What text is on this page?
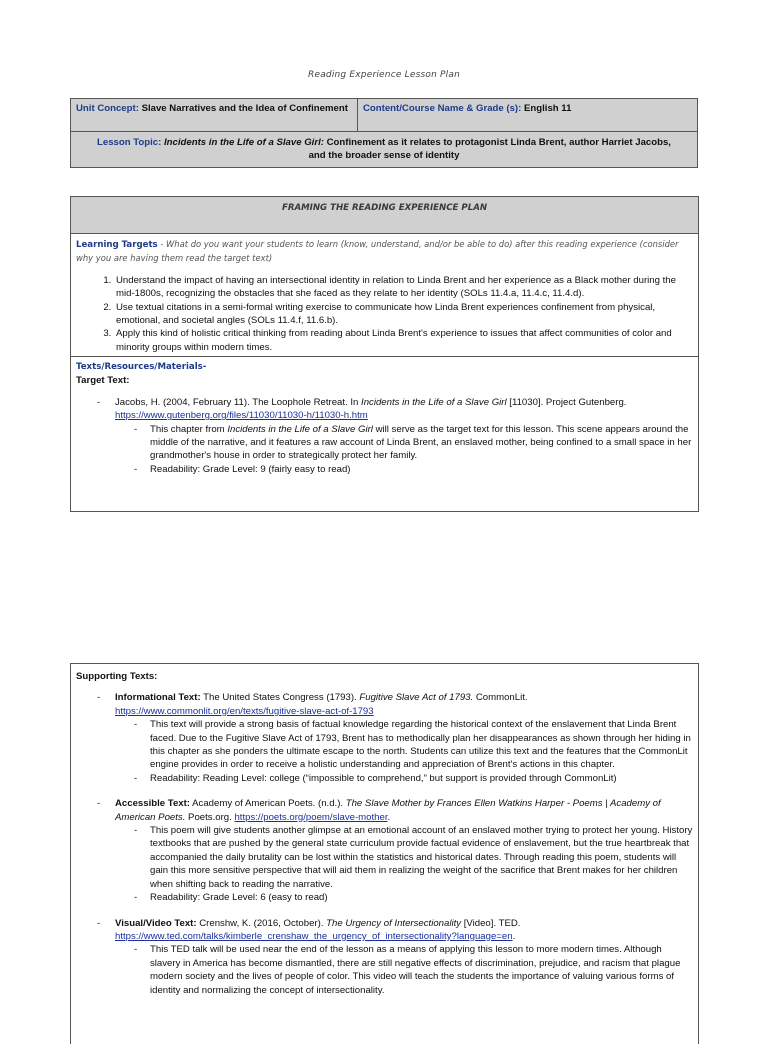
Reading Experience Lesson Plan
Unit Concept: Slave Narratives and the Idea of Confinement	Content/Course Name & Grade (s): English 11
Lesson Topic: Incidents in the Life of a Slave Girl: Confinement as it relates to protagonist Linda Brent, author Harriet Jacobs, and the broader sense of identity
FRAMING THE READING EXPERIENCE PLAN
Learning Targets - What do you want your students to learn (know, understand, and/or be able to do) after this reading experience (consider why you are having them read the target text)
1. Understand the impact of having an intersectional identity in relation to Linda Brent and her experience as a Black mother during the mid-1800s, recognizing the obstacles that she faced as they relate to her identity (SOLs 11.4.a, 11.4.c, 11.4.d).
2. Use textual citations in a semi-formal writing exercise to communicate how Linda Brent experiences confinement from physical, emotional, and societal angles (SOLs 11.4.f, 11.6.b).
3. Apply this kind of holistic critical thinking from reading about Linda Brent's experience to issues that affect communities of color and minority groups within modern times.
Texts/Resources/Materials-
Target Text:
- Jacobs, H. (2004, February 11). The Loophole Retreat. In Incidents in the Life of a Slave Girl [11030]. Project Gutenberg.
https://www.gutenberg.org/files/11030/11030-h/11030-h.htm
- This chapter from Incidents in the Life of a Slave Girl will serve as the target text for this lesson. This scene appears around the middle of the narrative, and it features a raw account of Linda Brent, an enslaved mother, being confined to a small space in her grandmother's house in order to strategically protect her family.
- Readability: Grade Level: 9 (fairly easy to read)
Supporting Texts:
- Informational Text: The United States Congress (1793). Fugitive Slave Act of 1793. CommonLit.
https://www.commonlit.org/en/texts/fugitive-slave-act-of-1793
- This text will provide a strong basis of factual knowledge regarding the historical context of the enslavement that Linda Brent faced. Due to the Fugitive Slave Act of 1793, Brent has to methodically plan her disappearances as shown through her hiding in this chapter as she ponders the ultimate escape to the north. Students can utilize this text and the features that the CommonLit engine provides in order to receive a holistic understanding and appreciation of Brent's actions in this chapter.
- Readability: Reading Level: college (“impossible to comprehend,” but support is provided through CommonLit)
- Accessible Text: Academy of American Poets. (n.d.). The Slave Mother by Frances Ellen Watkins Harper - Poems | Academy of American Poets. Poets.org. https://poets.org/poem/slave-mother.
- This poem will give students another glimpse at an emotional account of an enslaved mother trying to protect her young. History textbooks that are pushed by the general state curriculum provide factual evidence of enslavement, but the true heartbreak that accompanied the daily brutality can be lost within the statistics and historical dates. Through reading this poem, students will gain this more sensitive perspective that will aid them in realizing the weight of the sacrifice that Brent makes for her children when shifting back to reading the narrative.
- Readability: Grade Level: 6 (easy to read)
- Visual/Video Text: Crenshw, K. (2016, October). The Urgency of Intersectionality [Video]. TED.
https://www.ted.com/talks/kimberle_crenshaw_the_urgency_of_intersectionality?language=en.
- This TED talk will be used near the end of the lesson as a means of applying this lesson to more modern times. Although slavery in America has become dismantled, there are still negative effects of discrimination, prejudice, and racism that plague modern society and the lives of people of color. This video will teach the students the importance of valuing various forms of identity and normalizing the concept of intersectionality.
